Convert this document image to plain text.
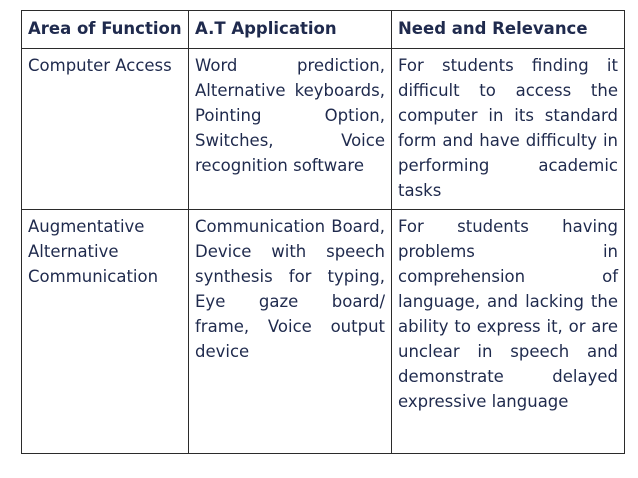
Area of Function	A.T Application	Need and Relevance
Computer Access	Word prediction, Alternative keyboards, Pointing Option, Switches, Voice recognition software	For students finding it difficult to access the computer in its standard form and have difficulty in performing academic tasks
Augmentative Alternative Communication	Communication Board, Device with speech synthesis for typing, Eye gaze board/ frame, Voice output device	For students having problems in comprehension of language, and lacking the ability to express it, or are unclear in speech and demonstrate delayed expressive language
